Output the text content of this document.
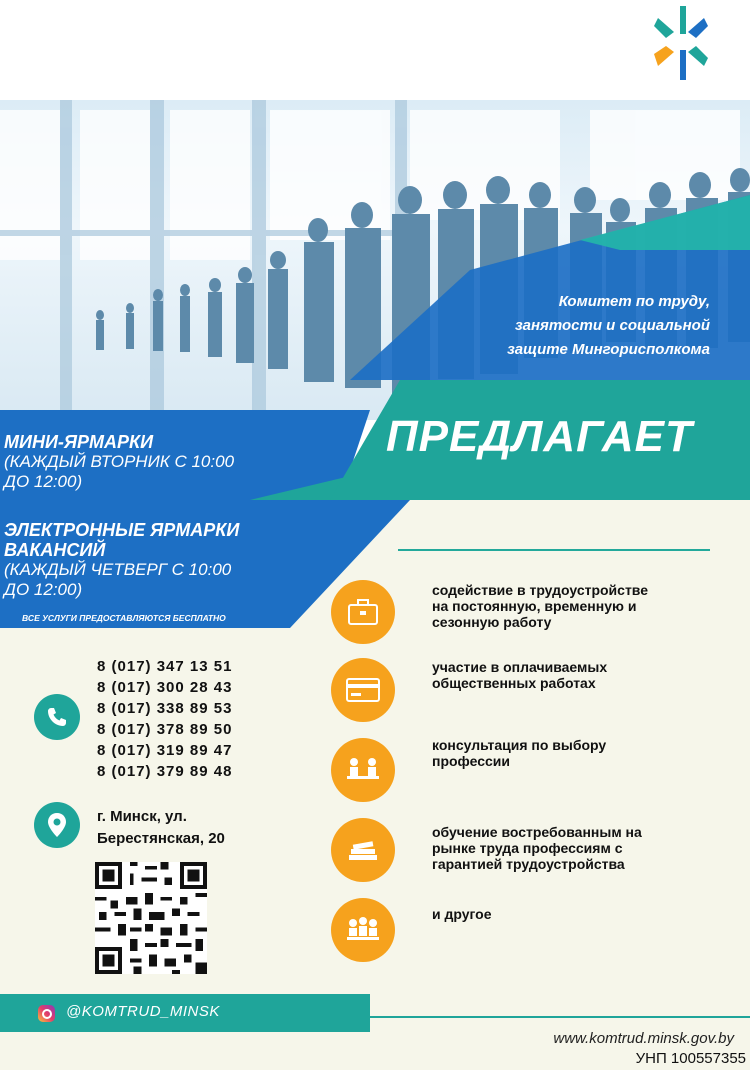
Комитет по труду,
занятости и социальной
защите Мингорисполкома
ПРЕДЛАГАЕТ
МИНИ-ЯРМАРКИ
(КАЖДЫЙ ВТОРНИК С 10:00
ДО 12:00)
ЭЛЕКТРОННЫЕ ЯРМАРКИ
ВАКАНСИЙ
(КАЖДЫЙ ЧЕТВЕРГ С 10:00
ДО 12:00)
ВСЕ УСЛУГИ ПРЕДОСТАВЛЯЮТСЯ БЕСПЛАТНО
8 (017) 347 13 51
8 (017) 300 28 43
8 (017) 338 89 53
8 (017) 378 89 50
8 (017) 319 89 47
8 (017) 379 89 48
г. Минск, ул.
Берестянская, 20
содействие в трудоустройстве
на постоянную, временную и
сезонную работу
участие в оплачиваемых
общественных работах
консультация по выбору
профессии
обучение востребованным на
рынке труда профессиям с
гарантией трудоустройства
и другое
@KOMTRUD_MINSK
www.komtrud.minsk.gov.by
УНП 100557355
